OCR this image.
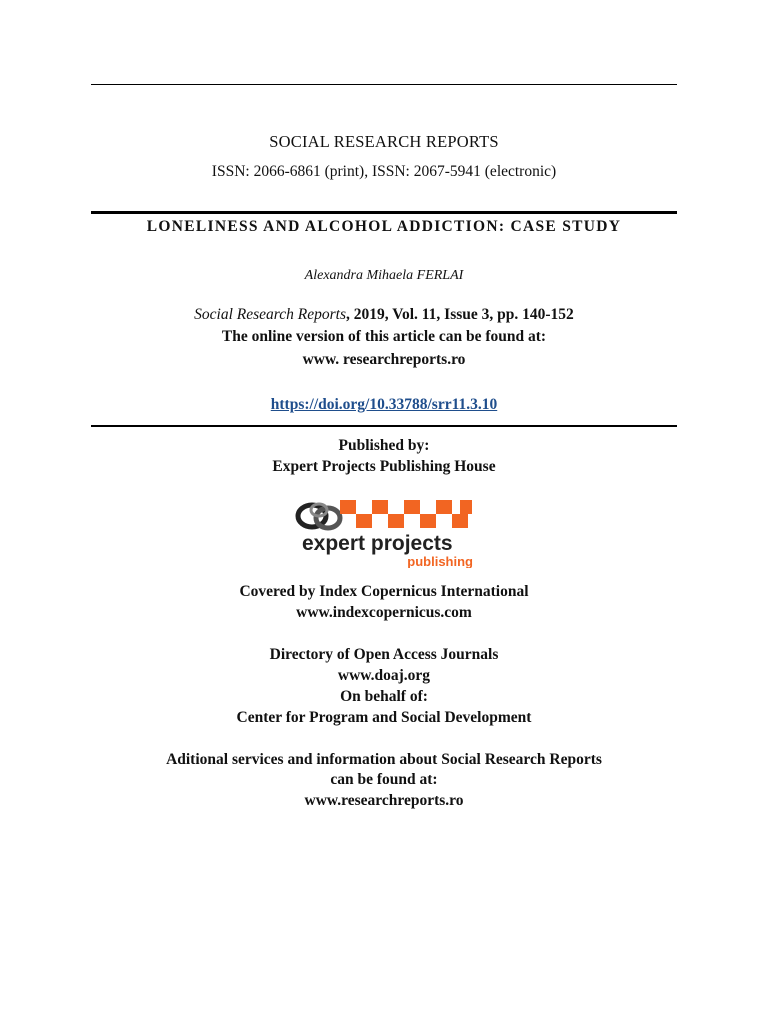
SOCIAL RESEARCH REPORTS
ISSN: 2066-6861 (print), ISSN: 2067-5941 (electronic)
LONELINESS AND ALCOHOL ADDICTION: CASE STUDY
Alexandra Mihaela FERLAI
Social Research Reports, 2019, Vol. 11, Issue 3, pp. 140-152
The online version of this article can be found at:
www. researchreports.ro
https://doi.org/10.33788/srr11.3.10
Published by:
Expert Projects Publishing House
expert projects
publishing
Covered by Index Copernicus International
www.indexcopernicus.com
Directory of Open Access Journals
www.doaj.org
On behalf of:
Center for Program and Social Development
Aditional services and information about Social Research Reports
can be found at:
www.researchreports.ro
